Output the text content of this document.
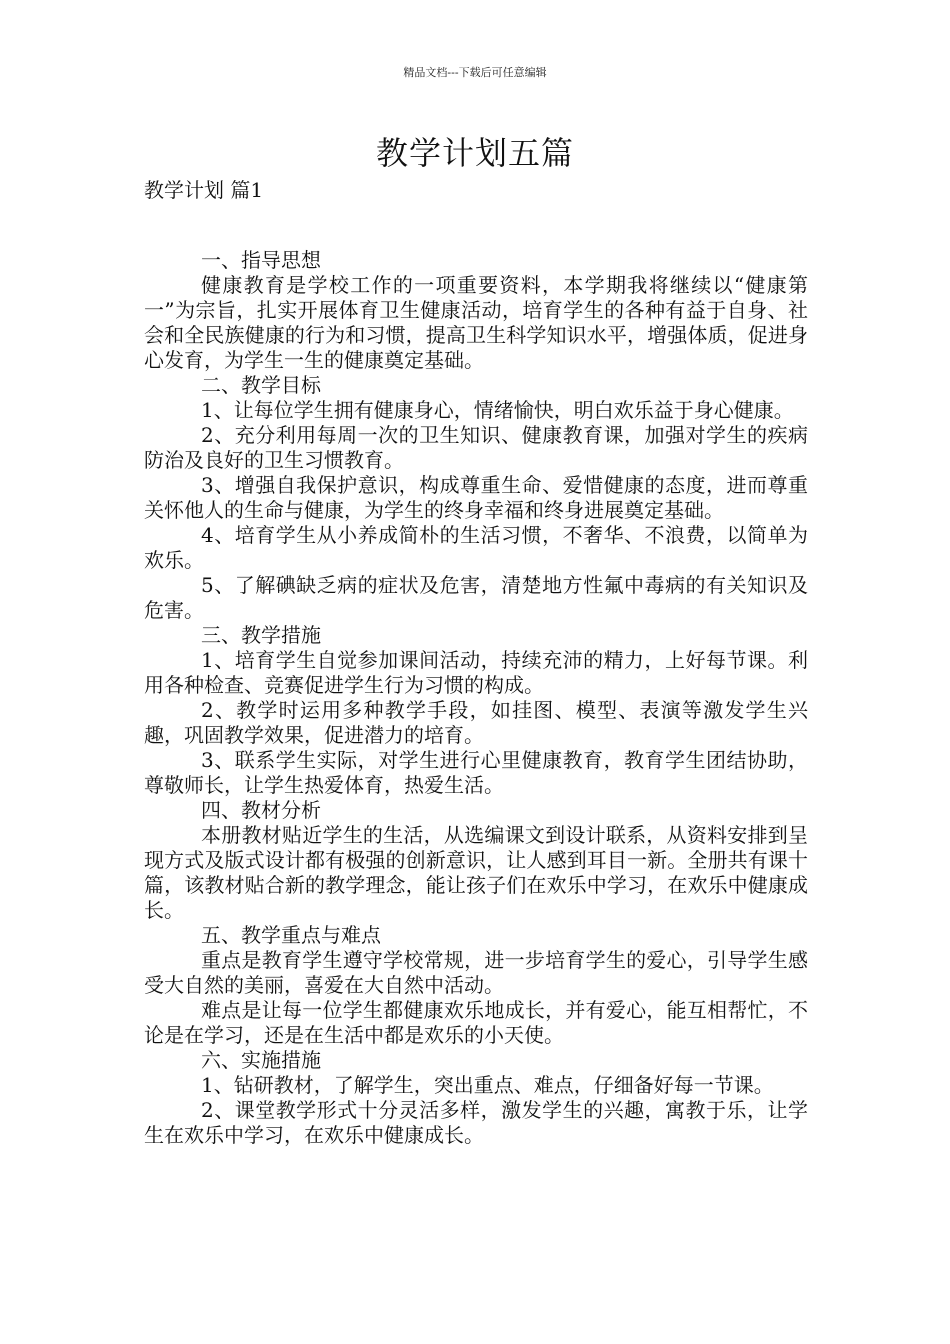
精品文档---下载后可任意编辑
教学计划五篇
教学计划 篇1

一、指导思想

健康教育是学校工作的一项重要资料，本学期我将继续以“健康第一”为宗旨，扎实开展体育卫生健康活动，培育学生的各种有益于自身、社会和全民族健康的行为和习惯，提高卫生科学知识水平，增强体质，促进身心发育，为学生一生的健康奠定基础。

二、教学目标

1、让每位学生拥有健康身心，情绪愉快，明白欢乐益于身心健康。

2、充分利用每周一次的卫生知识、健康教育课，加强对学生的疾病防治及良好的卫生习惯教育。

3、增强自我保护意识，构成尊重生命、爱惜健康的态度，进而尊重关怀他人的生命与健康，为学生的终身幸福和终身进展奠定基础。

4、培育学生从小养成简朴的生活习惯，不奢华、不浪费，以简单为欢乐。

5、了解碘缺乏病的症状及危害，清楚地方性氟中毒病的有关知识及危害。

三、教学措施

1、培育学生自觉参加课间活动，持续充沛的精力，上好每节课。利用各种检查、竞赛促进学生行为习惯的构成。

2、教学时运用多种教学手段，如挂图、模型、表演等激发学生兴趣，巩固教学效果，促进潜力的培育。

3、联系学生实际，对学生进行心里健康教育，教育学生团结协助，尊敬师长，让学生热爱体育，热爱生活。

四、教材分析

本册教材贴近学生的生活，从选编课文到设计联系，从资料安排到呈现方式及版式设计都有极强的创新意识，让人感到耳目一新。全册共有课十篇，该教材贴合新的教学理念，能让孩子们在欢乐中学习，在欢乐中健康成长。

五、教学重点与难点

重点是教育学生遵守学校常规，进一步培育学生的爱心，引导学生感受大自然的美丽，喜爱在大自然中活动。

难点是让每一位学生都健康欢乐地成长，并有爱心，能互相帮忙，不论是在学习，还是在生活中都是欢乐的小天使。

六、实施措施

1、钻研教材，了解学生，突出重点、难点，仔细备好每一节课。

2、课堂教学形式十分灵活多样，激发学生的兴趣，寓教于乐，让学生在欢乐中学习，在欢乐中健康成长。
